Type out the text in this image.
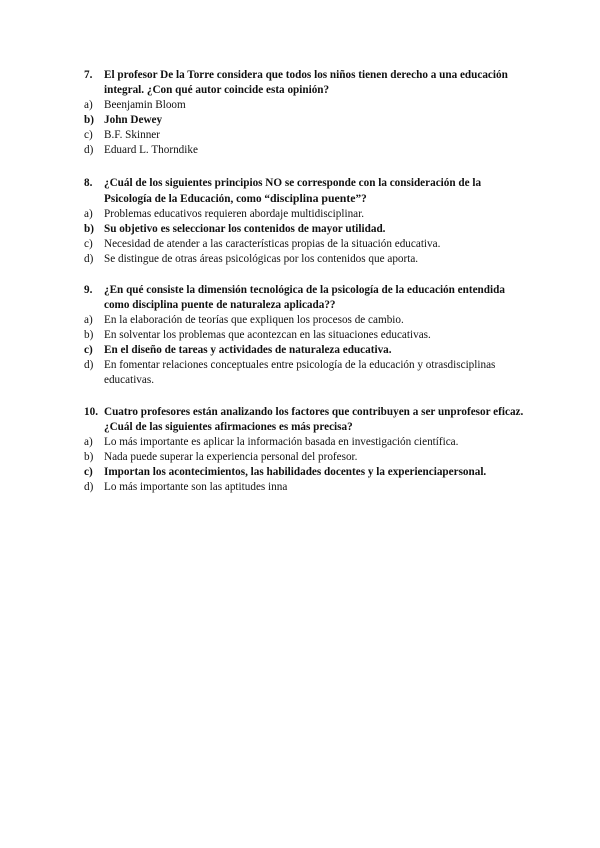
7.	El profesor De la Torre considera que todos los niños tienen derecho a una educación integral. ¿Con qué autor coincide esta opinión?
a)	Beenjamin Bloom
b) John Dewey
c)	B.F. Skinner
d) Eduard L. Thorndike
8.	¿Cuál de los siguientes principios NO se corresponde con la consideración de la Psicología de la Educación, como “disciplina puente”?
a)	Problemas educativos requieren abordaje multidisciplinar.
b) Su objetivo es seleccionar los contenidos de mayor utilidad.
c)	Necesidad de atender a las características propias de la situación educativa.
d) Se distingue de otras áreas psicológicas por los contenidos que aporta.
9.	¿En qué consiste la dimensión tecnológica de la psicología de la educación entendida como disciplina puente de naturaleza aplicada??
a)	En la elaboración de teorías que expliquen los procesos de cambio.
b) En solventar los problemas que acontezcan en las situaciones educativas.
c)	En el diseño de tareas y actividades de naturaleza educativa.
d) En fomentar relaciones conceptuales entre psicología de la educación y otrasdisciplinas educativas.
10. Cuatro profesores están analizando los factores que contribuyen a ser unprofesor eficaz. ¿Cuál de las siguientes afirmaciones es más precisa?
a)	Lo más importante es aplicar la información basada en investigación científica.
b) Nada puede superar la experiencia personal del profesor.
c)	Importan los acontecimientos, las habilidades docentes y la experienciapersonal.
d) Lo más importante son las aptitudes inna
